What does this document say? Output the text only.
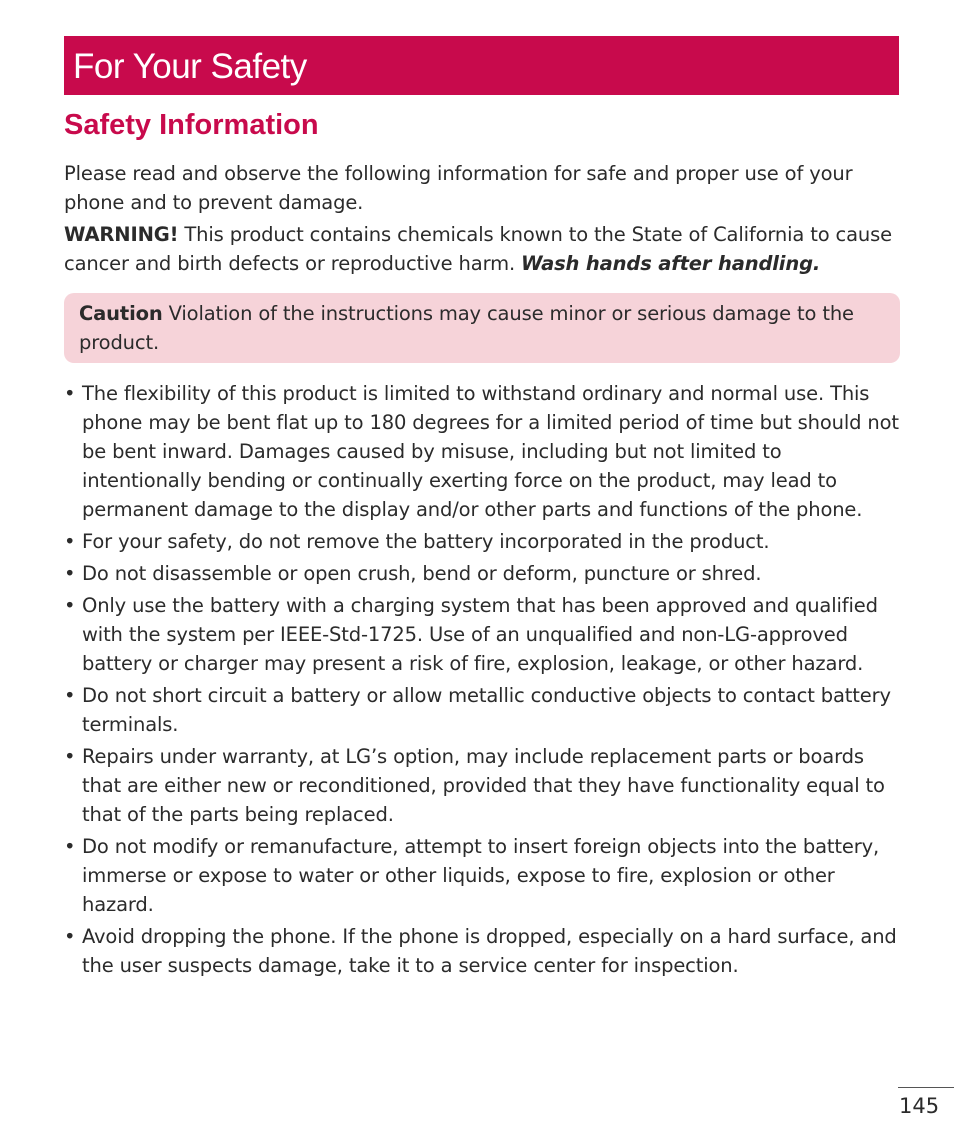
For Your Safety
Safety Information

Please read and observe the following information for safe and proper use of your phone and to prevent damage.

WARNING! This product contains chemicals known to the State of California to cause cancer and birth defects or reproductive harm. Wash hands after handling.

Caution Violation of the instructions may cause minor or serious damage to the product.
• The flexibility of this product is limited to withstand ordinary and normal use. This phone may be bent flat up to 180 degrees for a limited period of time but should not be bent inward. Damages caused by misuse, including but not limited to intentionally bending or continually exerting force on the product, may lead to permanent damage to the display and/or other parts and functions of the phone.
• For your safety, do not remove the battery incorporated in the product.
• Do not disassemble or open crush, bend or deform, puncture or shred.
• Only use the battery with a charging system that has been approved and qualified with the system per IEEE-Std-1725. Use of an unqualified and non-LG-approved battery or charger may present a risk of fire, explosion, leakage, or other hazard.
• Do not short circuit a battery or allow metallic conductive objects to contact battery terminals.
• Repairs under warranty, at LG’s option, may include replacement parts or boards that are either new or reconditioned, provided that they have functionality equal to that of the parts being replaced.
• Do not modify or remanufacture, attempt to insert foreign objects into the battery, immerse or expose to water or other liquids, expose to fire, explosion or other hazard.
• Avoid dropping the phone. If the phone is dropped, especially on a hard surface, and the user suspects damage, take it to a service center for inspection.
145
